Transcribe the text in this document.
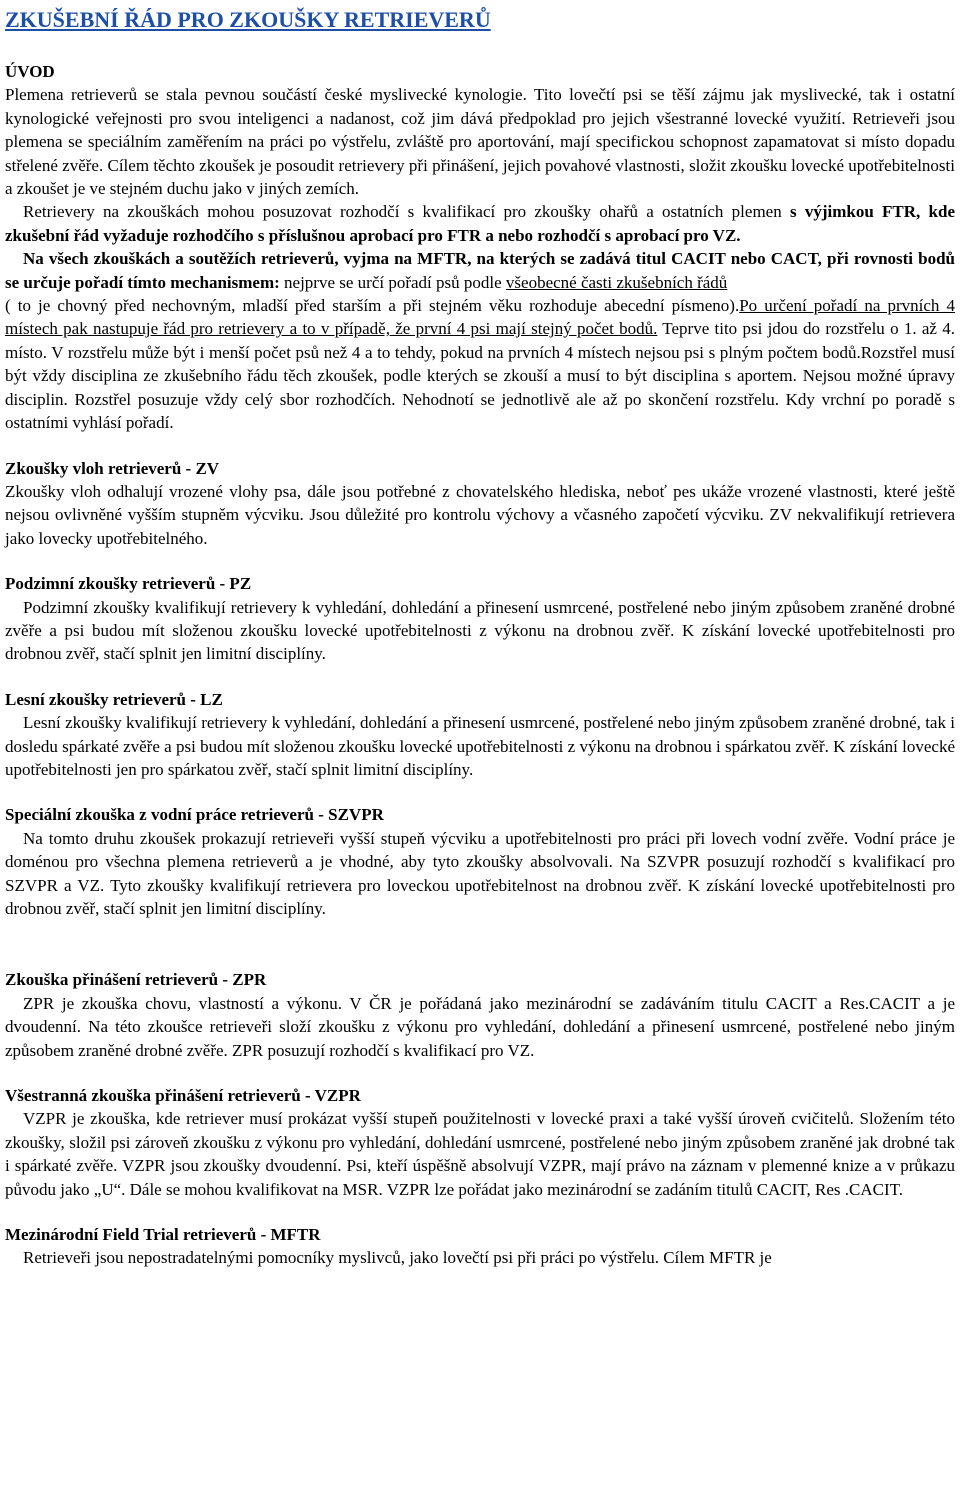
ZKUŠEBNÍ ŘÁD PRO ZKOUŠKY RETRIEVERŮ
ÚVOD

Plemena retrieverů se stala pevnou součástí české myslivecké kynologie. Tito lovečtí psi se těší zájmu jak myslivecké, tak i ostatní kynologické veřejnosti pro svou inteligenci a nadanost, což jim dává předpoklad pro jejich všestranné lovecké využití. Retrieveři jsou plemena se speciálním zaměřením na práci po výstřelu, zvláště pro aportování, mají specifickou schopnost zapamatovat si místo dopadu střelené zvěře. Cílem těchto zkoušek je posoudit retrievery při přinášení, jejich povahové vlastnosti, složit zkoušku lovecké upotřebitelnosti a zkoušet je ve stejném duchu jako v jiných zemích.

Retrievery na zkouškách mohou posuzovat rozhodčí s kvalifikací pro zkoušky ohařů a ostatních plemen s výjimkou FTR, kde zkušební řád vyžaduje rozhodčího s příslušnou aprobací pro FTR a nebo rozhodčí s aprobací pro VZ.

Na všech zkouškách a soutěžích retrieverů, vyjma na MFTR, na kterých se zadává titul CACIT nebo CACT, při rovnosti bodů se určuje pořadí tímto mechanismem: nejprve se určí pořadí psů podle všeobecné časti zkušebních řádů

( to je chovný před nechovným, mladší před starším a při stejném věku rozhoduje abecední písmeno).Po určení pořadí na prvních 4 místech pak nastupuje řád pro retrievery a to v případě, že první 4 psi mají stejný počet bodů. Teprve tito psi jdou do rozstřelu o 1. až 4. místo. V rozstřelu může být i menší počet psů než 4 a to tehdy, pokud na prvních 4 místech nejsou psi s plným počtem bodů.Rozstřel musí být vždy disciplina ze zkušebního řádu těch zkoušek, podle kterých se zkouší a musí to být disciplina s aportem. Nejsou možné úpravy disciplin. Rozstřel posuzuje vždy celý sbor rozhodčích. Nehodnotí se jednotlivě ale až po skončení rozstřelu. Kdy vrchní po poradě s ostatními vyhlásí pořadí.

Zkoušky vloh retrieverů - ZV

Zkoušky vloh odhalují vrozené vlohy psa, dále jsou potřebné z chovatelského hlediska, neboť pes ukáže vrozené vlastnosti, které ještě nejsou ovlivněné vyšším stupněm výcviku. Jsou důležité pro kontrolu výchovy a včasného započetí výcviku. ZV nekvalifikují retrievera jako lovecky upotřebitelného.

Podzimní zkoušky retrieverů - PZ

Podzimní zkoušky kvalifikují retrievery k vyhledání, dohledání a přinesení usmrcené, postřelené nebo jiným způsobem zraněné drobné zvěře a psi budou mít složenou zkoušku lovecké upotřebitelnosti z výkonu na drobnou zvěř. K získání lovecké upotřebitelnosti pro drobnou zvěř, stačí splnit jen limitní disciplíny.

Lesní zkoušky retrieverů - LZ

Lesní zkoušky kvalifikují retrievery k vyhledání, dohledání a přinesení usmrcené, postřelené nebo jiným způsobem zraněné drobné, tak i dosledu spárkaté zvěře a psi budou mít složenou zkoušku lovecké upotřebitelnosti z výkonu na drobnou i spárkatou zvěř. K získání lovecké upotřebitelnosti jen pro spárkatou zvěř, stačí splnit limitní disciplíny.

Speciální zkouška z vodní práce retrieverů - SZVPR

Na tomto druhu zkoušek prokazují retrieveři vyšší stupeň výcviku a upotřebitelnosti pro práci při lovech vodní zvěře. Vodní práce je doménou pro všechna plemena retrieverů a je vhodné, aby tyto zkoušky absolvovali. Na SZVPR posuzují rozhodčí s kvalifikací pro SZVPR a VZ. Tyto zkoušky kvalifikují retrievera pro loveckou upotřebitelnost na drobnou zvěř. K získání lovecké upotřebitelnosti pro drobnou zvěř, stačí splnit jen limitní disciplíny.

Zkouška přinášení retrieverů - ZPR

ZPR je zkouška chovu, vlastností a výkonu. V ČR je pořádaná jako mezinárodní se zadáváním titulu CACIT a Res.CACIT a je dvoudenní. Na této zkoušce retrieveři složí zkoušku z výkonu pro vyhledání, dohledání a přinesení usmrcené, postřelené nebo jiným způsobem zraněné drobné zvěře. ZPR posuzují rozhodčí s kvalifikací pro VZ.

Všestranná zkouška přinášení retrieverů - VZPR

VZPR je zkouška, kde retriever musí prokázat vyšší stupeň použitelnosti v lovecké praxi a také vyšší úroveň cvičitelů. Složením této zkoušky, složil psi zároveň zkoušku z výkonu pro vyhledání, dohledání usmrcené, postřelené nebo jiným způsobem zraněné jak drobné tak i spárkaté zvěře. VZPR jsou zkoušky dvoudenní. Psi, kteří úspěšně absolvují VZPR, mají právo na záznam v plemenné knize a v průkazu původu jako „U“. Dále se mohou kvalifikovat na MSR. VZPR lze pořádat jako mezinárodní se zadáním titulů CACIT, Res .CACIT.

Mezinárodní Field Trial retrieverů - MFTR

Retrieveři jsou nepostradatelnými pomocníky myslivců, jako lovečtí psi při práci po výstřelu. Cílem MFTR je
